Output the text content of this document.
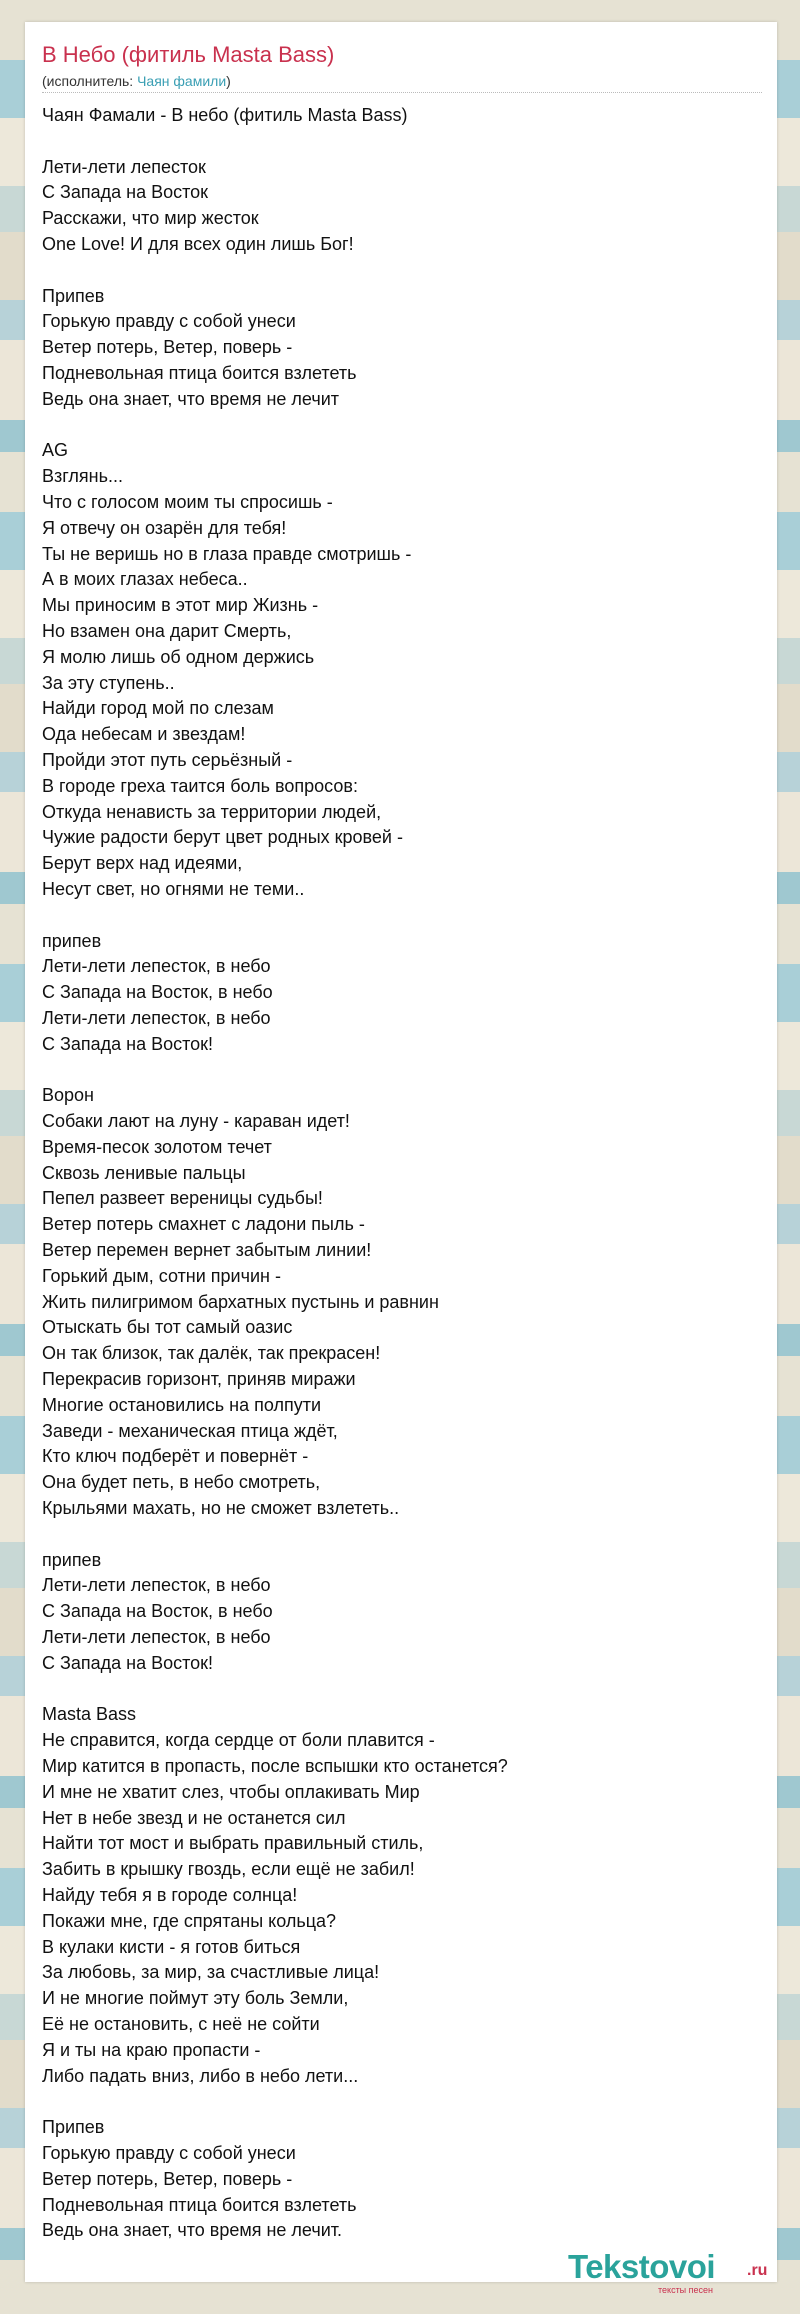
В Небо (фитиль Masta Bass)
(исполнитель: Чаян фамили)
Чаян Фамали - В небо (фитиль Masta Bass)
Лети-лети лепесток
С Запада на Восток
Расскажи, что мир жесток
One Love! И для всех один лишь Бог!
Припев
Горькую правду с собой унеси
Ветер потерь, Ветер, поверь -
Подневольная птица боится взлететь
Ведь она знает, что время не лечит
AG
Взглянь...
Что с голосом моим ты спросишь -
Я отвечу он озарён для тебя!
Ты не веришь но в глаза правде смотришь -
А в моих глазах небеса..
Мы приносим в этот мир Жизнь -
Но взамен она дарит Смерть,
Я молю лишь об одном держись
За эту ступень..
Найди город мой по слезам
Ода небесам и звездам!
Пройди этот путь серьёзный -
В городе греха таится боль вопросов:
Откуда ненависть за территории людей,
Чужие радости берут цвет родных кровей -
Берут верх над идеями,
Несут свет, но огнями не теми..
припев
Лети-лети лепесток, в небо
С Запада на Восток, в небо
Лети-лети лепесток, в небо
С Запада на Восток!
Ворон
Собаки лают на луну - караван идет!
Время-песок золотом течет
Сквозь ленивые пальцы
Пепел развеет вереницы судьбы!
Ветер потерь смахнет с ладони пыль -
Ветер перемен вернет забытым линии!
Горький дым, сотни причин -
Жить пилигримом бархатных пустынь и равнин
Отыскать бы тот самый оазис
Он так близок, так далёк, так прекрасен!
Перекрасив горизонт, приняв миражи
Многие остановились на полпути
Заведи - механическая птица ждёт,
Кто ключ подберёт и повернёт -
Она будет петь, в небо смотреть,
Крыльями махать, но не сможет взлететь..
припев
Лети-лети лепесток, в небо
С Запада на Восток, в небо
Лети-лети лепесток, в небо
С Запада на Восток!
Masta Bass
Не справится, когда сердце от боли плавится -
Мир катится в пропасть, после вспышки кто останется?
И мне не хватит слез, чтобы оплакивать Мир
Нет в небе звезд и не останется сил
Найти тот мост и выбрать правильный стиль,
Забить в крышку гвоздь, если ещё не забил!
Найду тебя я в городе солнца!
Покажи мне, где спрятаны кольца?
В кулаки кисти - я готов биться
За любовь, за мир, за счастливые лица!
И не многие поймут эту боль Земли,
Её не остановить, с неё не сойти
Я и ты на краю пропасти -
Либо падать вниз, либо в небо лети...
Припев
Горькую правду с собой унеси
Ветер потерь, Ветер, поверь -
Подневольная птица боится взлететь
Ведь она знает, что время не лечит.
Tekstovoi .ru
тексты песен
